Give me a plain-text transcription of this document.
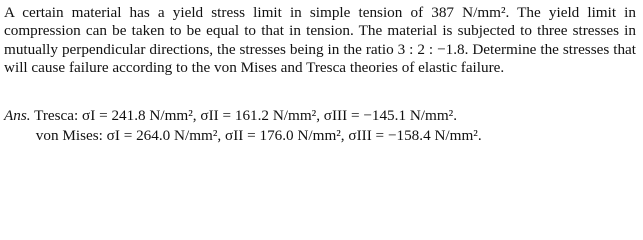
A certain material has a yield stress limit in simple tension of 387 N/mm². The yield limit in compression can be taken to be equal to that in tension. The material is subjected to three stresses in mutually perpendicular directions, the stresses being in the ratio 3 : 2 : −1.8. Determine the stresses that will cause failure according to the von Mises and Tresca theories of elastic failure.

Ans. Tresca: σI = 241.8 N/mm², σII = 161.2 N/mm², σIII = −145.1 N/mm².
von Mises: σI = 264.0 N/mm², σII = 176.0 N/mm², σIII = −158.4 N/mm².
